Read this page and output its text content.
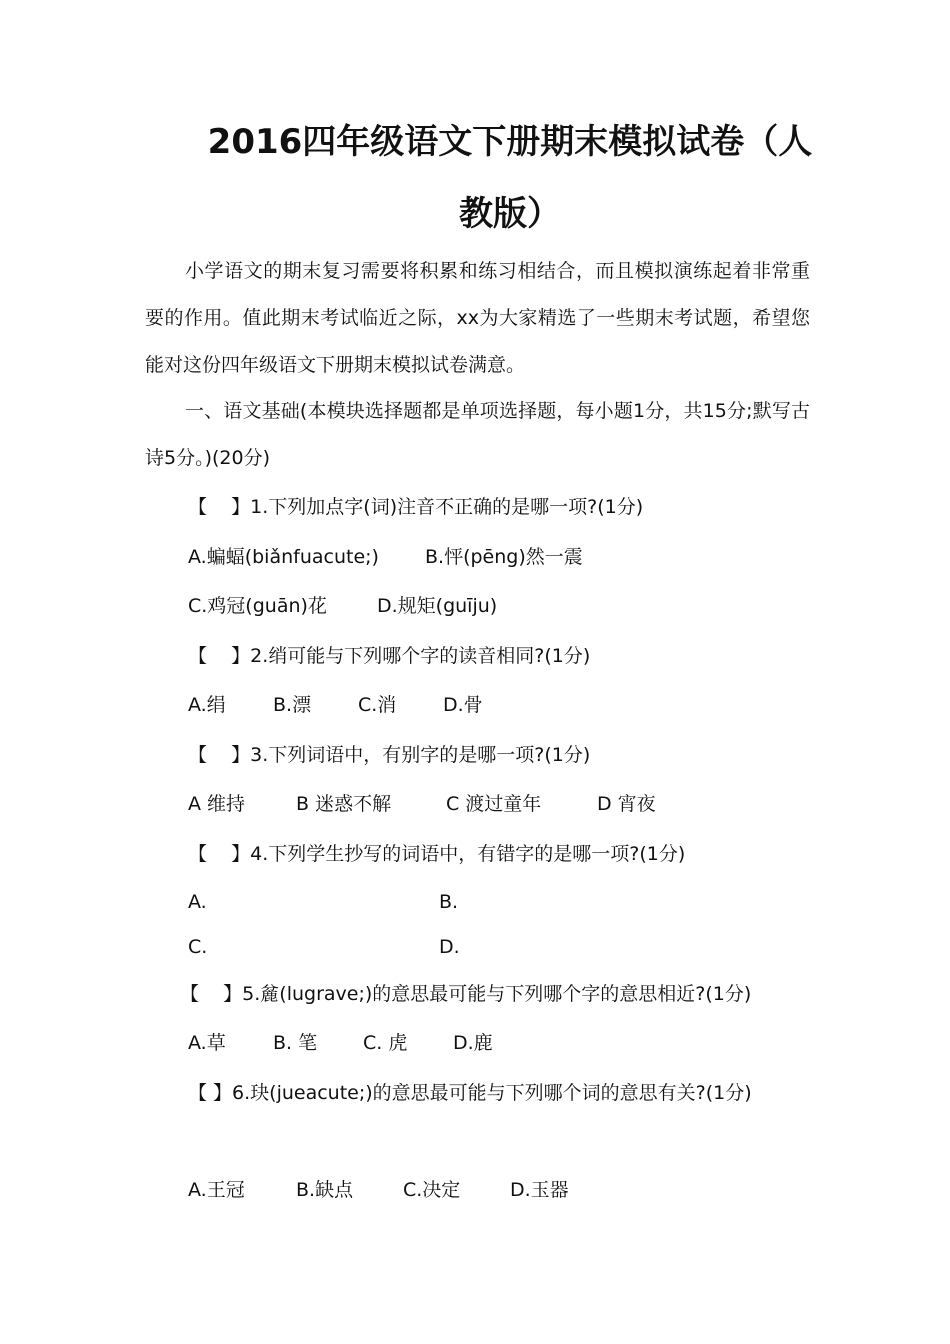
2016四年级语文下册期末模拟试卷（人
教版）
小学语文的期末复习需要将积累和练习相结合，而且模拟演练起着非常重要的作用。值此期末考试临近之际，xx为大家精选了一些期末考试题，希望您能对这份四年级语文下册期末模拟试卷满意。
一、语文基础(本模块选择题都是单项选择题，每小题1分，共15分;默写古诗5分。)(20分)
【    】1.下列加点字(词)注音不正确的是哪一项?(1分)
A.蝙蝠(biǎnfuacute;) B.怦(pēng)然一震
C.鸡冠(guān)花	D.规矩(guīju)
【    】2.绡可能与下列哪个字的读音相同?(1分)
A.绢 B.漂 C.消 D.骨
【    】3.下列词语中，有别字的是哪一项?(1分)
A 维持	B 迷惑不解	C 渡过童年	D 宵夜
【    】4.下列学生抄写的词语中，有错字的是哪一项?(1分)
A.	B.
C.	D.
【    】5.麄(lugrave;)的意思最可能与下列哪个字的意思相近?(1分)
A.草 B. 笔 C. 虎 D.鹿
【 】6.玦(jueacute;)的意思最可能与下列哪个词的意思有关?(1分)
A.王冠	B.缺点	C.决定	D.玉器
